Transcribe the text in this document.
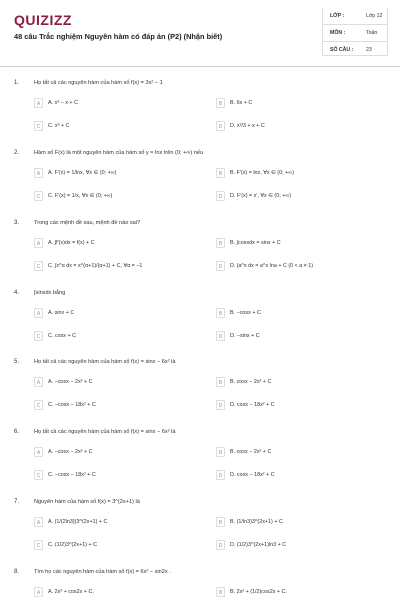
QUIZIZZ
48 câu Trắc nghiệm Nguyên hàm có đáp án (P2) (Nhận biết)
LỚP :	Lớp 12
MÔN :	Toán
SỐ CÂU : 23
1.	Họ tất cả các nguyên hàm của hàm số f(x) = 3x² − 1
A	A. x³ − x + C	B	B. 6x + C
C	C. x³ + C	D	D. x³/3 + x + C
2.	Hàm số F(x) là một nguyên hàm của hàm số y = lnx trên (0; +∞) nếu
A	A. F'(x) = 1/lnx, ∀x ∈ (0; +∞)	B	B. F'(x) = lnx, ∀x ∈ (0; +∞)
C	C. F'(x) = 1/x, ∀x ∈ (0; +∞)	D	D. F'(x) = x', ∀x ∈ (0; +∞)
3.	Trong các mệnh đề sau, mệnh đề nào sai?
A	A. ∫f'(x)dx = f(x) + C	B	B. ∫cosxdx = sinx + C
C	C. ∫x^α dx = x^(α+1)/(α+1) + C, ∀α ≠ −1	D	D. ∫a^x dx = a^x lna + C (0 < a ≠ 1)
4.	∫sinxdx bằng
A	A. sinx + C	B	B. −cosx + C
C	C. cosx + C	D	D. −sinx + C
5.	Họ tất cả các nguyên hàm của hàm số f(x) = sinx − 6x² là
A	A. −cosx − 2x³ + C	B	B. cosx − 2x³ + C
C	C. −cosx − 18x² + C	D	D. cosx − 18x² + C
6.	Họ tất cả các nguyên hàm của hàm số f(x) = sinx − 6x² là
A	A. −cosx − 2x³ + C	B	B. cosx − 2x³ + C
C	C. −cosx − 18x² + C	D	D. cosx − 18x² + C
7.	Nguyên hàm của hàm số f(x) = 3^(2x+1) là
A	A. (1/(2ln3))3^(2x+1) + C	B	B. (1/ln3)3^(2x+1) + C
C	C. (1/2)3^(2x+1) + C	D	D. (1/2)3^(2x+1)ln3 + C
8.	Tìm họ các nguyên hàm của hàm số f(x) = 6x² − sin2x .
A	A. 2x³ + cos2x + C.	B	B. 2x³ + (1/2)cos2x + C.
